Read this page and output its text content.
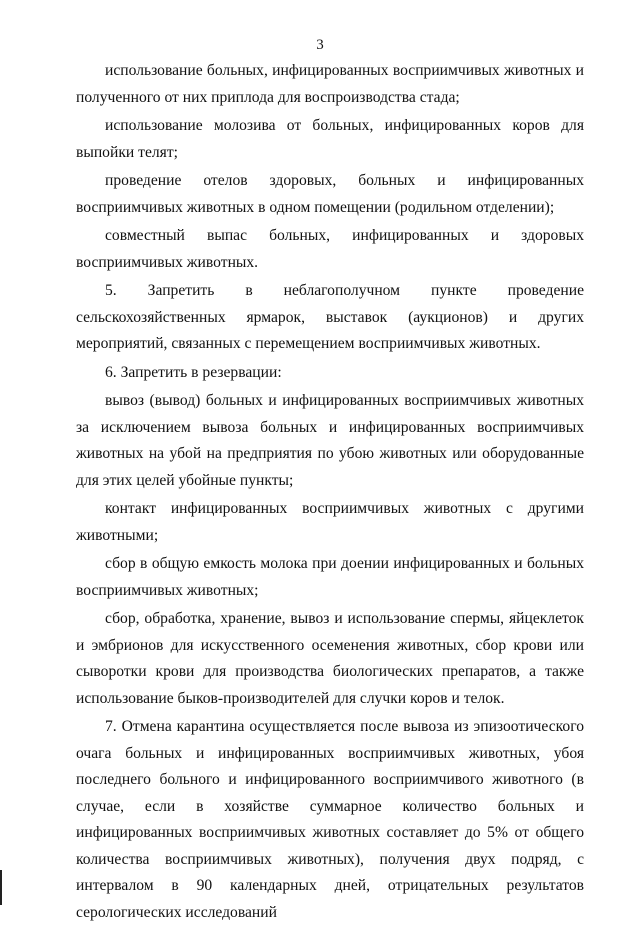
3

использование больных, инфицированных восприимчивых животных и полученного от них приплода для воспроизводства стада;

использование молозива от больных, инфицированных коров для выпойки телят;

проведение отелов здоровых, больных и инфицированных восприимчивых животных в одном помещении (родильном отделении);

совместный выпас больных, инфицированных и здоровых восприимчивых животных.

5. Запретить в неблагополучном пункте проведение сельскохозяйственных ярмарок, выставок (аукционов) и других мероприятий, связанных с перемещением восприимчивых животных.

6. Запретить в резервации:

вывоз (вывод) больных и инфицированных восприимчивых животных за исключением вывоза больных и инфицированных восприимчивых животных на убой на предприятия по убою животных или оборудованные для этих целей убойные пункты;

контакт инфицированных восприимчивых животных с другими животными;

сбор в общую емкость молока при доении инфицированных и больных восприимчивых животных;

сбор, обработка, хранение, вывоз и использование спермы, яйцеклеток и эмбрионов для искусственного осеменения животных, сбор крови или сыворотки крови для производства биологических препаратов, а также использование быков-производителей для случки коров и телок.

7. Отмена карантина осуществляется после вывоза из эпизоотического очага больных и инфицированных восприимчивых животных, убоя последнего больного и инфицированного восприимчивого животного (в случае, если в хозяйстве суммарное количество больных и инфицированных восприимчивых животных составляет до 5% от общего количества восприимчивых животных), получения двух подряд, с интервалом в 90 календарных дней, отрицательных результатов серологических исследований
